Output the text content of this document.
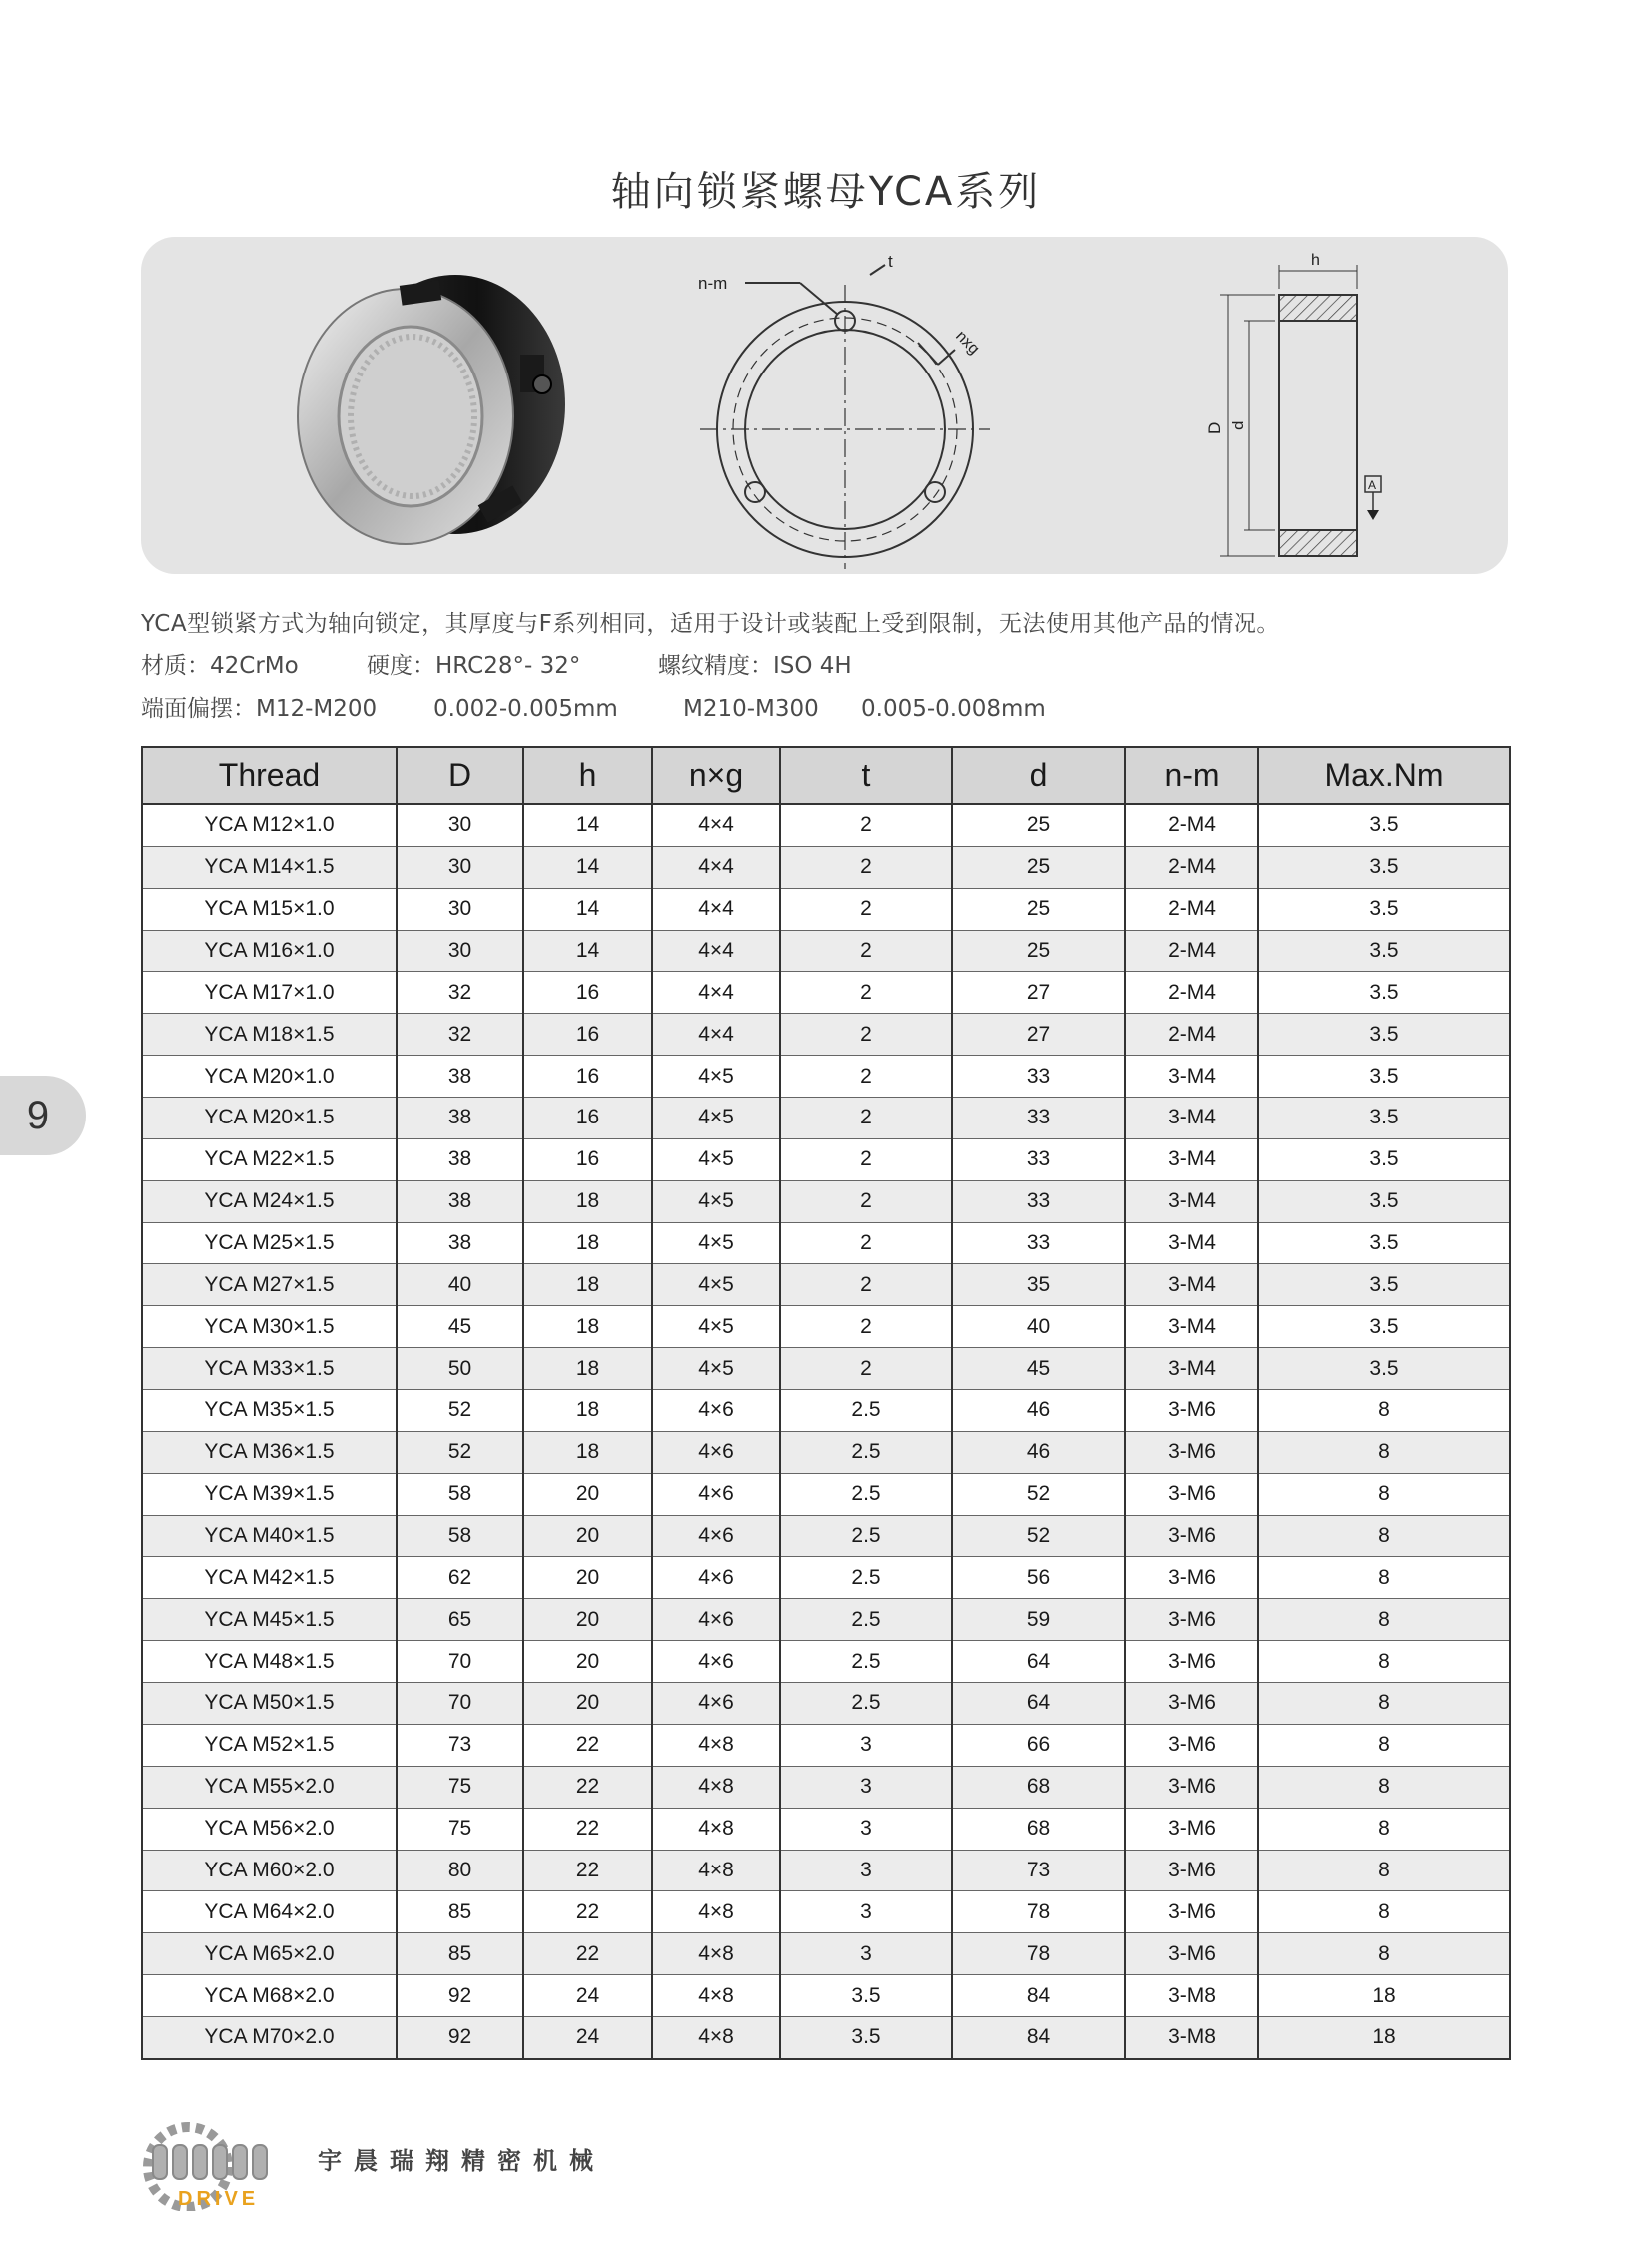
轴向锁紧螺母YCA系列
n-m
t
nxg
h
D d
A
9
YCA型锁紧方式为轴向锁定，其厚度与F系列相同，适用于设计或装配上受到限制，无法使用其他产品的情况。
材质：42CrMo	硬度：HRC28°- 32°	螺纹精度：ISO 4H
端面偏摆：M12-M200 0.002-0.005mm	M210-M300 0.005-0.008mm
Thread	D	h	n×g	t	d	n-m	Max.Nm
YCA M12×1.0	30	14	4×4	2	25	2-M4	3.5
YCA M14×1.5	30	14	4×4	2	25	2-M4	3.5
YCA M15×1.0	30	14	4×4	2	25	2-M4	3.5
YCA M16×1.0	30	14	4×4	2	25	2-M4	3.5
YCA M17×1.0	32	16	4×4	2	27	2-M4	3.5
YCA M18×1.5	32	16	4×4	2	27	2-M4	3.5
YCA M20×1.0	38	16	4×5	2	33	3-M4	3.5
YCA M20×1.5	38	16	4×5	2	33	3-M4	3.5
YCA M22×1.5	38	16	4×5	2	33	3-M4	3.5
YCA M24×1.5	38	18	4×5	2	33	3-M4	3.5
YCA M25×1.5	38	18	4×5	2	33	3-M4	3.5
YCA M27×1.5	40	18	4×5	2	35	3-M4	3.5
YCA M30×1.5	45	18	4×5	2	40	3-M4	3.5
YCA M33×1.5	50	18	4×5	2	45	3-M4	3.5
YCA M35×1.5	52	18	4×6	2.5	46	3-M6	8
YCA M36×1.5	52	18	4×6	2.5	46	3-M6	8
YCA M39×1.5	58	20	4×6	2.5	52	3-M6	8
YCA M40×1.5	58	20	4×6	2.5	52	3-M6	8
YCA M42×1.5	62	20	4×6	2.5	56	3-M6	8
YCA M45×1.5	65	20	4×6	2.5	59	3-M6	8
YCA M48×1.5	70	20	4×6	2.5	64	3-M6	8
YCA M50×1.5	70	20	4×6	2.5	64	3-M6	8
YCA M52×1.5	73	22	4×8	3	66	3-M6	8
YCA M55×2.0	75	22	4×8	3	68	3-M6	8
YCA M56×2.0	75	22	4×8	3	68	3-M6	8
YCA M60×2.0	80	22	4×8	3	73	3-M6	8
YCA M64×2.0	85	22	4×8	3	78	3-M6	8
YCA M65×2.0	85	22	4×8	3	78	3-M6	8
YCA M68×2.0	92	24	4×8	3.5	84	3-M8	18
YCA M70×2.0	92	24	4×8	3.5	84	3-M8	18
DRIVE
宇晨瑞翔精密机械
